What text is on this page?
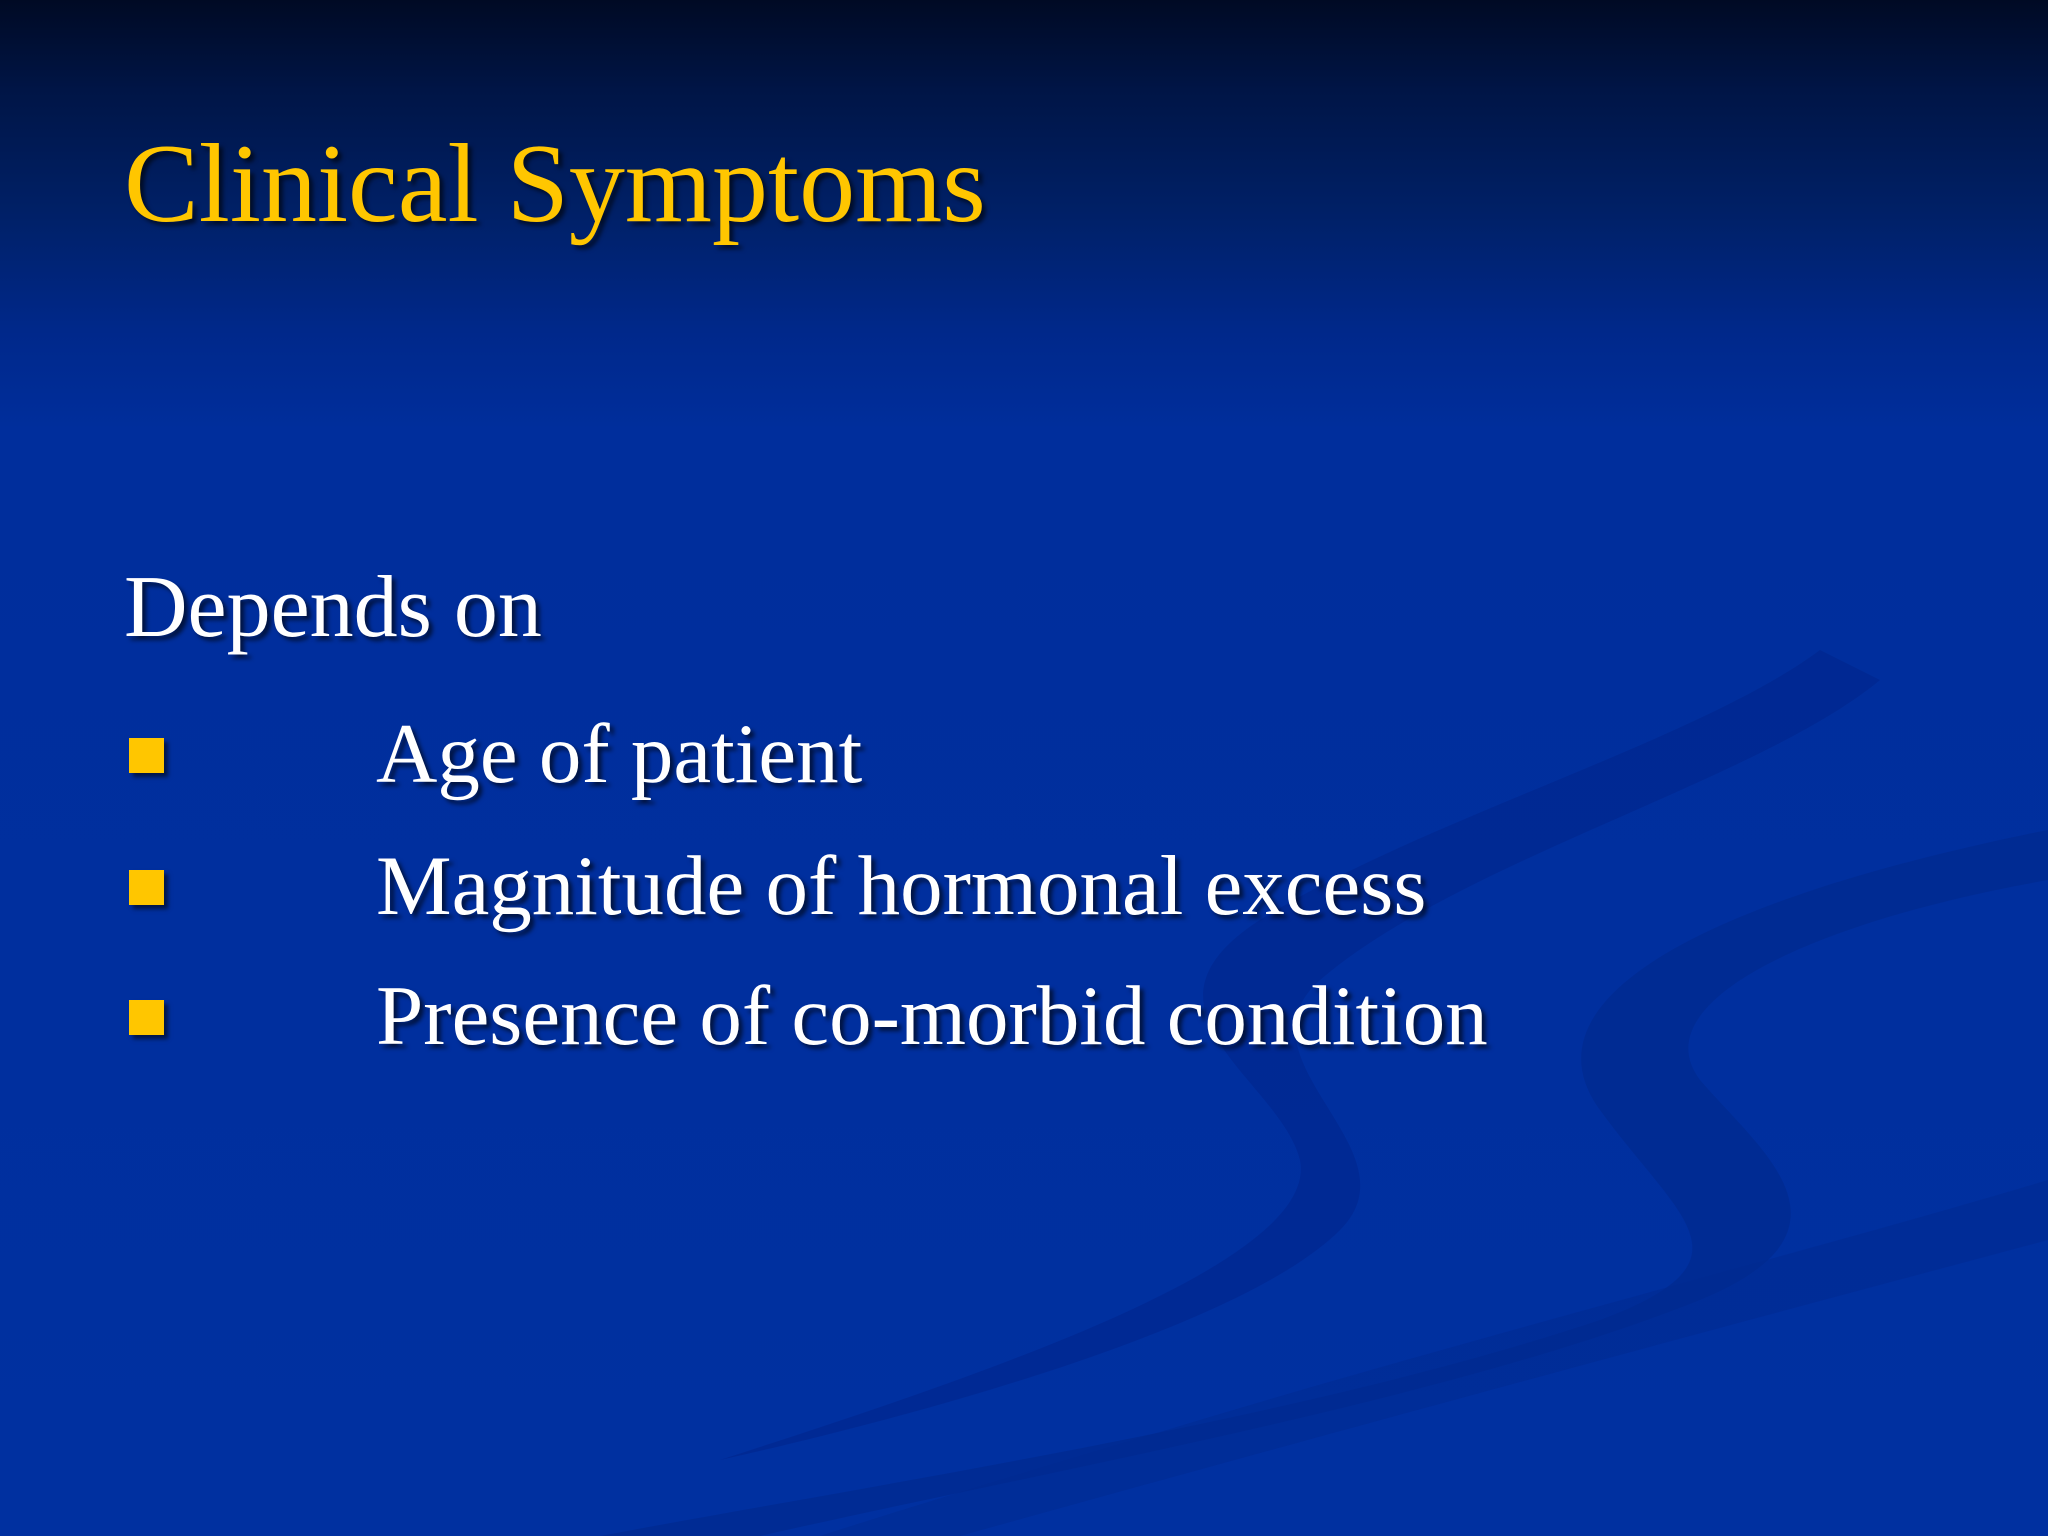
Clinical Symptoms
Depends on
Age of patient
Magnitude of hormonal excess
Presence of co-morbid condition
